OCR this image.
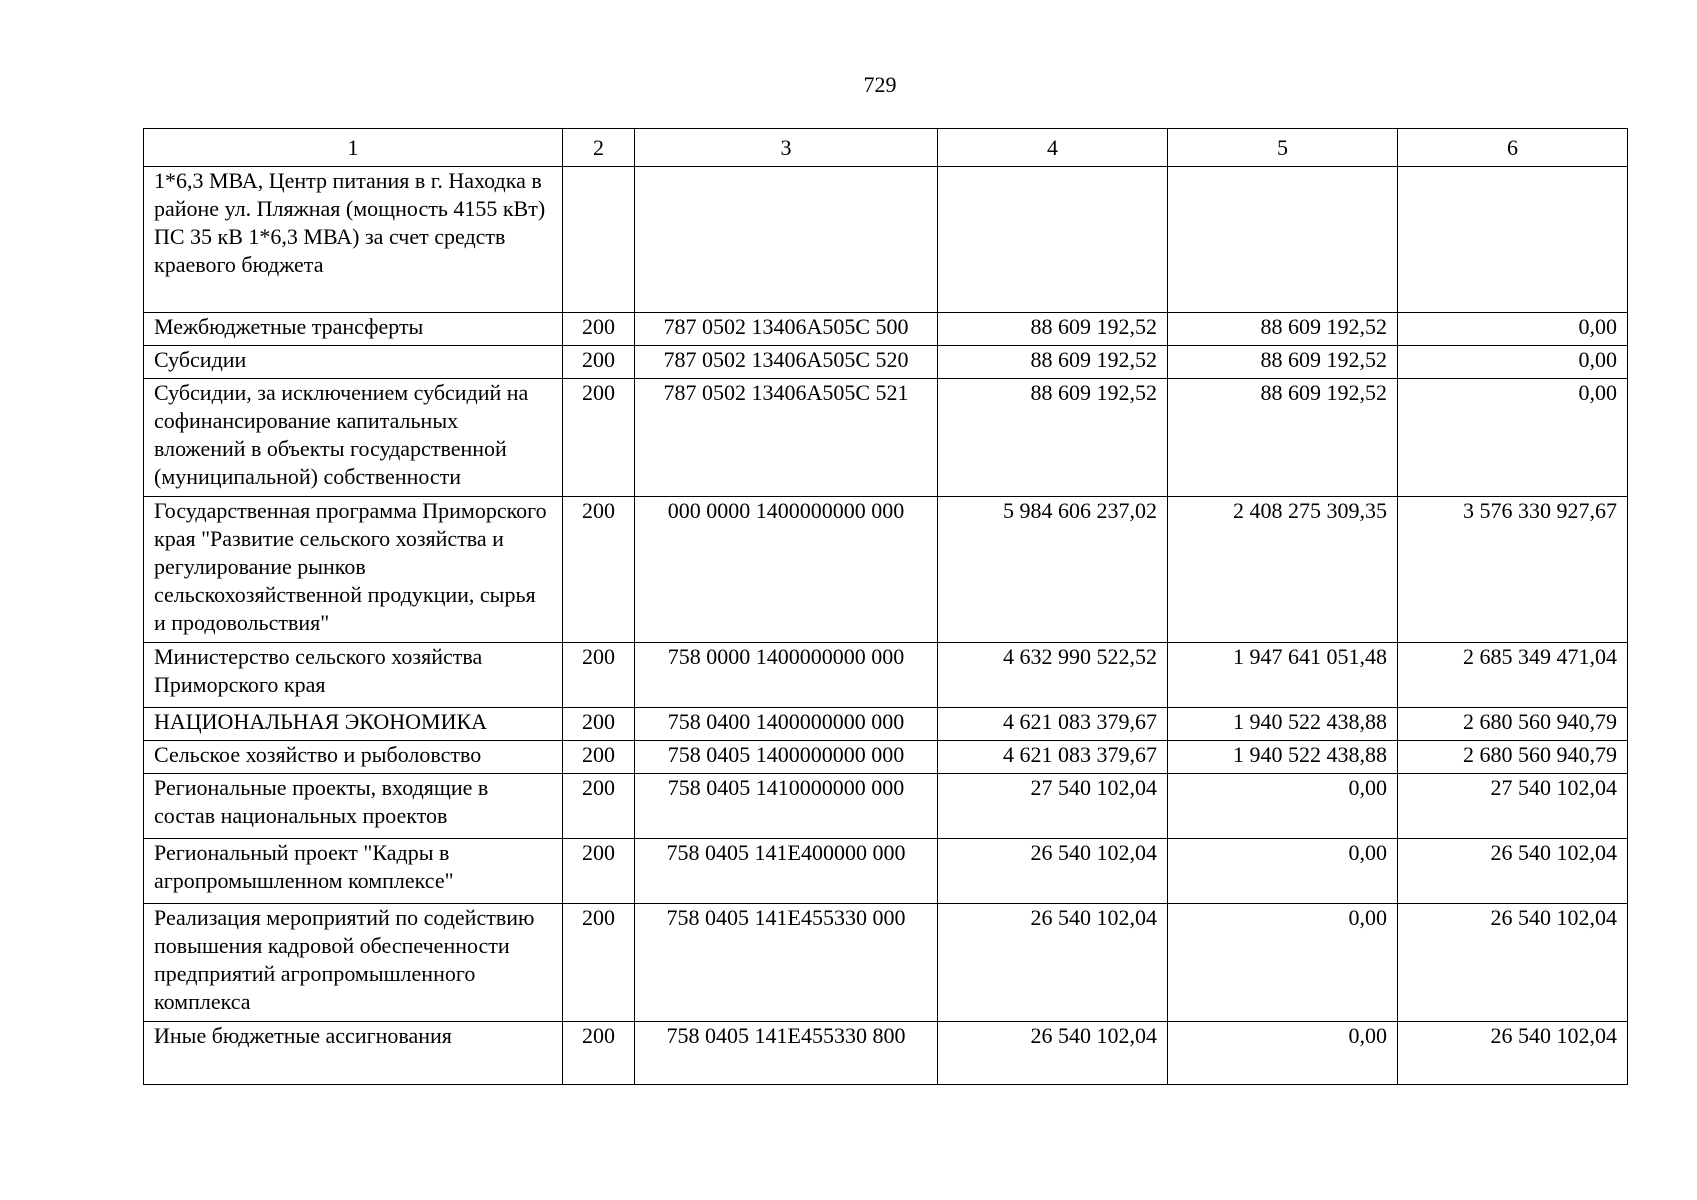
729
1	2	3	4	5	6
1*6,3 МВА, Центр питания в г. Находка в районе ул. Пляжная (мощность 4155 кВт) ПС 35 кВ 1*6,3 МВА) за счет средств краевого бюджета					
Межбюджетные трансферты	200	787 0502 13406А505С 500	88 609 192,52	88 609 192,52	0,00
Субсидии	200	787 0502 13406А505С 520	88 609 192,52	88 609 192,52	0,00
Субсидии, за исключением субсидий на софинансирование капитальных вложений в объекты государственной (муниципальной) собственности	200	787 0502 13406А505С 521	88 609 192,52	88 609 192,52	0,00
Государственная программа Приморского края "Развитие сельского хозяйства и регулирование рынков сельскохозяйственной продукции, сырья и продовольствия"	200	000 0000 1400000000 000	5 984 606 237,02	2 408 275 309,35	3 576 330 927,67
Министерство сельского хозяйства Приморского края	200	758 0000 1400000000 000	4 632 990 522,52	1 947 641 051,48	2 685 349 471,04
НАЦИОНАЛЬНАЯ ЭКОНОМИКА	200	758 0400 1400000000 000	4 621 083 379,67	1 940 522 438,88	2 680 560 940,79
Сельское хозяйство и рыболовство	200	758 0405 1400000000 000	4 621 083 379,67	1 940 522 438,88	2 680 560 940,79
Региональные проекты, входящие в состав национальных проектов	200	758 0405 1410000000 000	27 540 102,04	0,00	27 540 102,04
Региональный проект "Кадры в агропромышленном комплексе"	200	758 0405 141Е400000 000	26 540 102,04	0,00	26 540 102,04
Реализация мероприятий по содействию повышения кадровой обеспеченности предприятий агропромышленного комплекса	200	758 0405 141Е455330 000	26 540 102,04	0,00	26 540 102,04
Иные бюджетные ассигнования	200	758 0405 141Е455330 800	26 540 102,04	0,00	26 540 102,04
